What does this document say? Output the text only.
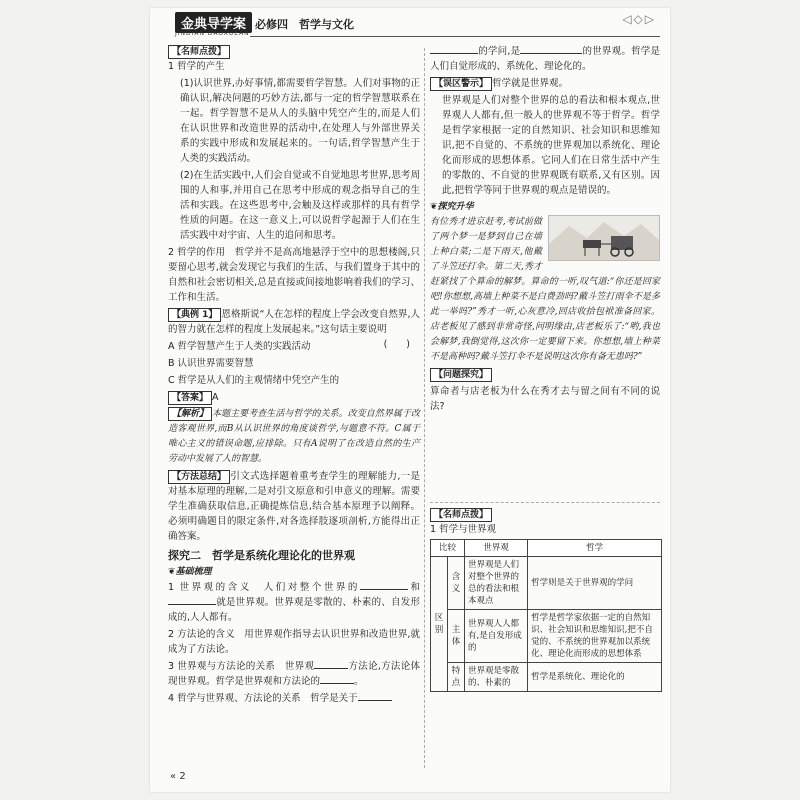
金典导学案
JINDIAN DAOXUEAN
必修四　哲学与文化	◁◇▷
【名师点拨】

1 哲学的产生

(1)认识世界,办好事情,都需要哲学智慧。人们对事物的正确认识,解决问题的巧妙方法,都与一定的哲学智慧联系在一起。哲学智慧不是从人的头脑中凭空产生的,而是人们在认识世界和改造世界的活动中,在处理人与外部世界关系的实践中形成和发展起来的。一句话,哲学智慧产生于人类的实践活动。

(2)在生活实践中,人们会自觉或不自觉地思考世界,思考周围的人和事,并用自己在思考中形成的观念指导自己的生活和实践。在这些思考中,会触及这样或那样的具有哲学性质的问题。在这一意义上,可以说哲学起源于人们在生活实践中对宇宙、人生的追问和思考。

2 哲学的作用　哲学并不是高高地悬浮于空中的思想楼阁,只要留心思考,就会发现它与我们的生活、与我们置身于其中的自然和社会密切相关,总是直接或间接地影响着我们的学习、工作和生活。

【典例 1】 恩格斯说“人在怎样的程度上学会改变自然界,人的智力就在怎样的程度上发展起来。”这句话主要说明
(　　)

A 哲学智慧产生于人类的实践活动

B 认识世界需要智慧

C 哲学是从人们的主观情绪中凭空产生的

【答案】 A

【解析】 本题主要考查生活与哲学的关系。改变自然界属于改造客观世界,而B从认识世界的角度谈哲学,与题意不符。C属于唯心主义的错误命题,应排除。只有A说明了在改造自然的生产劳动中发展了人的智慧。

【方法总结】 引文式选择题着重考查学生的理解能力,一是对基本原理的理解,二是对引文原意和引申意义的理解。需要学生准确获取信息,正确提炼信息,结合基本原理予以阐释。必须明确题目的限定条件,对各选择肢逐项剖析,方能得出正确答案。

探究二　哲学是系统化理论化的世界观
❦基础梳理

1 世界观的含义　人们对整个世界的	和就是世界观。世界观是零散的、朴素的、自发形成的,人人都有。

2 方法论的含义　用世界观作指导去认识世界和改造世界,就成为了方法论。

3 世界观与方法论的关系　世界观	方法论,方法论体现世界观。哲学是世界观和方法论的	。

4 哲学与世界观、方法论的关系　哲学是关于

的学问,是	的世界观。哲学是人们自觉形成的、系统化、理论化的。

【误区警示】 哲学就是世界观。

世界观是人们对整个世界的总的看法和根本观点,世界观人人都有,但一般人的世界观不等于哲学。哲学是哲学家根据一定的自然知识、社会知识和思维知识,把不自觉的、不系统的世界观加以系统化、理论化而形成的思想体系。它同人们在日常生活中产生的零散的、不自觉的世界观既有联系,又有区别。因此,把哲学等同于世界观的观点是错误的。

❦探究升华

有位秀才进京赶考,考试前做了两个梦一是梦到自己在墙上种白菜;二是下雨天,他戴了斗笠还打伞。第二天,秀才赶紧找了个算命的解梦。算命的一听,叹气道:“你还是回家吧!你想想,高墙上种菜不是白费劲吗?戴斗笠打雨伞不是多此一举吗?”秀才一听,心灰意冷,回店收拾包袱准备回家。店老板见了感到非常奇怪,问明缘由,店老板乐了:“哟,我也会解梦,我倒觉得,这次你一定要留下来。你想想,墙上种菜不是高种吗?戴斗笠打伞不是说明这次你有备无患吗?”

【问题探究】

算命者与店老板为什么在秀才去与留之间有不同的说法?

【名师点拨】

1 哲学与世界观

比较		世界观	哲学
区别	含义	世界观是人们对整个世界的总的看法和根本观点	哲学则是关于世界观的学问
	主体	世界观人人都有,是自发形成的	哲学是哲学家依据一定的自然知识、社会知识和思维知识,把不自觉的、不系统的世界观加以系统化、理论化而形成的思想体系
	特点	世界观是零散的、朴素的	哲学是系统化、理论化的
« 2
